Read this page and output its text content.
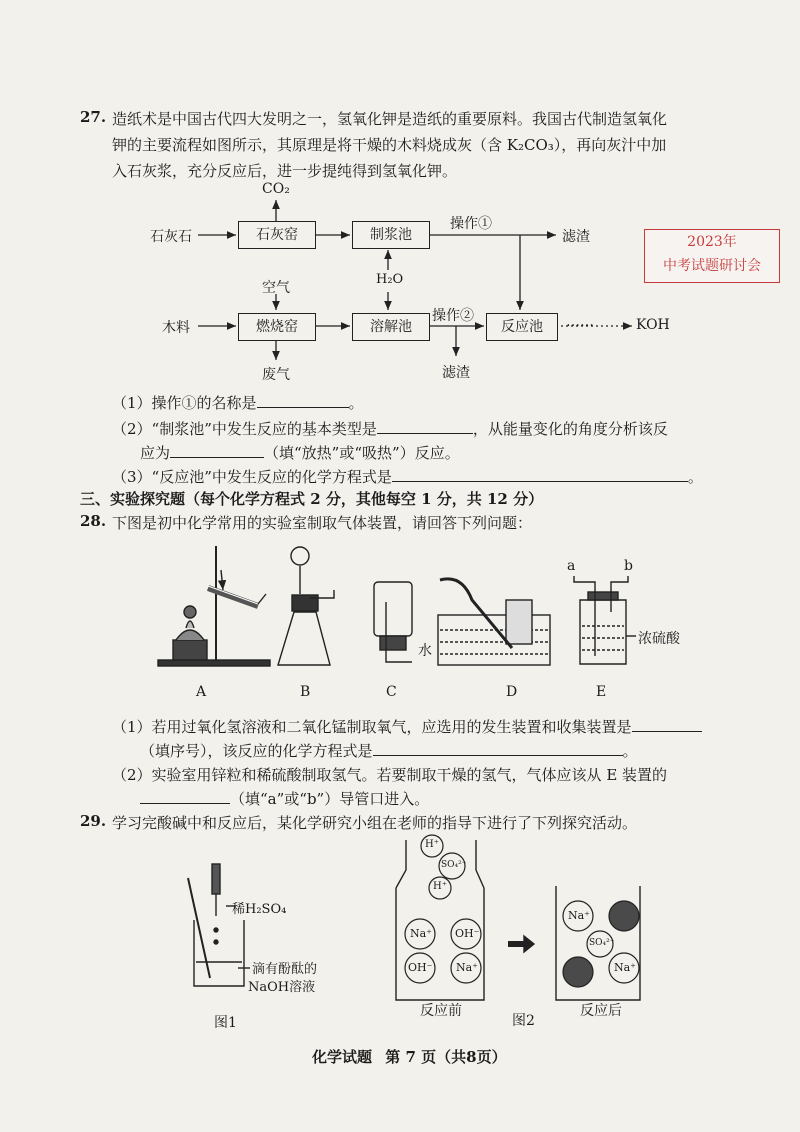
27. 造纸术是中国古代四大发明之一，氢氧化钾是造纸的重要原料。我国古代制造氢氧化
钾的主要流程如图所示，其原理是将干燥的木料烧成灰（含 K₂CO₃），再向灰汁中加
入石灰浆，充分反应后，进一步提纯得到氢氧化钾。
CO₂
石灰石	石灰窑	制浆池
操作①
滤渣
H₂O
空气
木料	燃烧窑	溶解池
操作②
反应池	……	KOH
废气	滤渣
2023年
中考试题研讨会
（1）操作①的名称是	。
（2）“制浆池”中发生反应的基本类型是	，从能量变化的角度分析该反
应为	（填“放热”或“吸热”）反应。
（3）“反应池”中发生反应的化学方程式是	。
三、实验探究题（每个化学方程式 2 分，其他每空 1 分，共 12 分）
28. 下图是初中化学常用的实验室制取气体装置，请回答下列问题：
a	b
浓硫酸
水
A	B	C	D	E
（1）若用过氧化氢溶液和二氧化锰制取氧气，应选用的发生装置和收集装置是
（填序号），该反应的化学方程式是	。
（2）实验室用锌粒和稀硫酸制取氢气。若要制取干燥的氢气，气体应该从 E 装置的
（填“a”或“b”）导管口进入。
29. 学习完酸碱中和反应后，某化学研究小组在老师的指导下进行了下列探究活动。
稀H₂SO₄
滴有酚酞的
NaOH溶液
图1
H⁺
SO₄²⁻
H⁺
Na⁺ OH⁻
OH⁻ Na⁺
Na⁺
SO₄²⁻
Na⁺
反应前
图2
反应后
化学试题 第 7 页（共8页）
